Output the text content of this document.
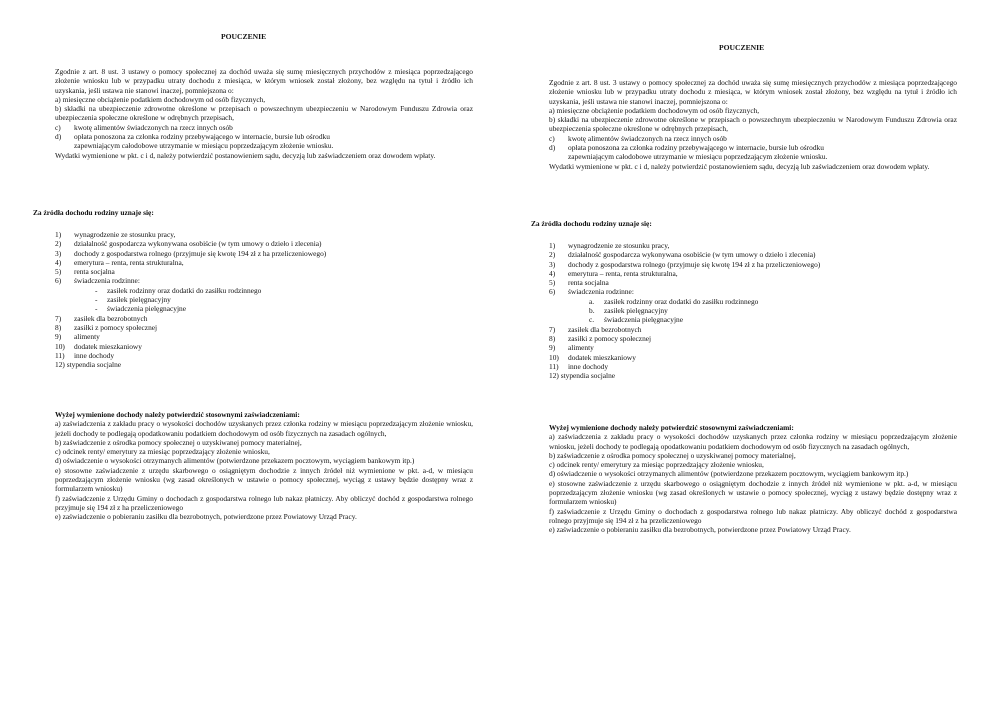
POUCZENIE

Zgodnie z art. 8 ust. 3 ustawy o pomocy społecznej za dochód uważa się sumę miesięcznych przychodów z miesiąca poprzedzającego złożenie wniosku lub w przypadku utraty dochodu z miesiąca, w którym wniosek został złożony, bez względu na tytuł i źródło ich uzyskania, jeśli ustawa nie stanowi inaczej, pomniejszona o:

a) miesięczne obciążenie podatkiem dochodowym od osób fizycznych,

b) składki na ubezpieczenie zdrowotne określone w przepisach o powszechnym ubezpieczeniu w Narodowym Funduszu Zdrowia oraz ubezpieczenia społeczne określone w odrębnych przepisach,

c) kwotę alimentów świadczonych na rzecz innych osób
d) opłata ponoszona za członka rodziny przebywającego w internacie, bursie lub ośrodku

zapewniającym całodobowe utrzymanie w miesiącu poprzedzającym złożenie wniosku.

Wydatki wymienione w pkt. c i d, należy potwierdzić postanowieniem sądu, decyzją lub zaświadczeniem oraz dowodem wpłaty.

Za źródła dochodu rodziny uznaje się:
1) wynagrodzenie ze stosunku pracy,
2) działalność gospodarcza wykonywana osobiście (w tym umowy o dzieło i zlecenia)
3) dochody z gospodarstwa rolnego (przyjmuje się kwotę 194 zł z ha przeliczeniowego)
4) emerytura – renta, renta strukturalna,
5) renta socjalna
6) świadczenia rodzinne:
- zasiłek rodzinny oraz dodatki do zasiłku rodzinnego
- zasiłek pielęgnacyjny
- świadczenia pielęgnacyjne
7) zasiłek dla bezrobotnych
8) zasiłki z pomocy społecznej
9) alimenty
10) dodatek mieszkaniowy
11) inne dochody
12) stypendia socjalne

Wyżej wymienione dochody należy potwierdzić stosownymi zaświadczeniami:

a) zaświadczenia z zakładu pracy o wysokości dochodów uzyskanych przez członka rodziny w miesiącu poprzedzającym złożenie wniosku, jeżeli dochody te podlegają opodatkowaniu podatkiem dochodowym od osób fizycznych na zasadach ogólnych,

b) zaświadczenie z ośrodka pomocy społecznej o uzyskiwanej pomocy materialnej,

c) odcinek renty/ emerytury za miesiąc poprzedzający złożenie wniosku,

d) oświadczenie o wysokości otrzymanych alimentów (potwierdzone przekazem pocztowym, wyciągiem bankowym itp.)

e) stosowne zaświadczenie z urzędu skarbowego o osiągniętym dochodzie z innych źródeł niż wymienione w pkt. a-d, w miesiącu poprzedzającym złożenie wniosku (wg zasad określonych w ustawie o pomocy społecznej, wyciąg z ustawy będzie dostępny wraz z formularzem wniosku)

f) zaświadczenie z Urzędu Gminy o dochodach z gospodarstwa rolnego lub nakaz płatniczy. Aby obliczyć dochód z gospodarstwa rolnego przyjmuje się 194 zł z ha przeliczeniowego

e) zaświadczenie o pobieraniu zasiłku dla bezrobotnych, potwierdzone przez Powiatowy Urząd Pracy.

POUCZENIE

Zgodnie z art. 8 ust. 3 ustawy o pomocy społecznej za dochód uważa się sumę miesięcznych przychodów z miesiąca poprzedzającego złożenie wniosku lub w przypadku utraty dochodu z miesiąca, w którym wniosek został złożony, bez względu na tytuł i źródło ich uzyskania, jeśli ustawa nie stanowi inaczej, pomniejszona o:

a) miesięczne obciążenie podatkiem dochodowym od osób fizycznych,

b) składki na ubezpieczenie zdrowotne określone w przepisach o powszechnym ubezpieczeniu w Narodowym Funduszu Zdrowia oraz ubezpieczenia społeczne określone w odrębnych przepisach,

c) kwotę alimentów świadczonych na rzecz innych osób
d) opłata ponoszona za członka rodziny przebywającego w internacie, bursie lub ośrodku

zapewniającym całodobowe utrzymanie w miesiącu poprzedzającym złożenie wniosku.

Wydatki wymienione w pkt. c i d, należy potwierdzić postanowieniem sądu, decyzją lub zaświadczeniem oraz dowodem wpłaty.

Za źródła dochodu rodziny uznaje się:
1) wynagrodzenie ze stosunku pracy,
2) działalność gospodarcza wykonywana osobiście (w tym umowy o dzieło i zlecenia)
3) dochody z gospodarstwa rolnego (przyjmuje się kwotę 194 zł z ha przeliczeniowego)
4) emerytura – renta, renta strukturalna,
5) renta socjalna
6) świadczenia rodzinne:
a. zasiłek rodzinny oraz dodatki do zasiłku rodzinnego
b. zasiłek pielęgnacyjny
c. świadczenia pielęgnacyjne
7) zasiłek dla bezrobotnych
8) zasiłki z pomocy społecznej
9) alimenty
10) dodatek mieszkaniowy
11) inne dochody
12) stypendia socjalne

Wyżej wymienione dochody należy potwierdzić stosownymi zaświadczeniami:

a) zaświadczenia z zakładu pracy o wysokości dochodów uzyskanych przez członka rodziny w miesiącu poprzedzającym złożenie wniosku, jeżeli dochody te podlegają opodatkowaniu podatkiem dochodowym od osób fizycznych na zasadach ogólnych,

b) zaświadczenie z ośrodka pomocy społecznej o uzyskiwanej pomocy materialnej,

c) odcinek renty/ emerytury za miesiąc poprzedzający złożenie wniosku,

d) oświadczenie o wysokości otrzymanych alimentów (potwierdzone przekazem pocztowym, wyciągiem bankowym itp.)

e) stosowne zaświadczenie z urzędu skarbowego o osiągniętym dochodzie z innych źródeł niż wymienione w pkt. a-d, w miesiącu poprzedzającym złożenie wniosku (wg zasad określonych w ustawie o pomocy społecznej, wyciąg z ustawy będzie dostępny wraz z formularzem wniosku)

f) zaświadczenie z Urzędu Gminy o dochodach z gospodarstwa rolnego lub nakaz płatniczy. Aby obliczyć dochód z gospodarstwa rolnego przyjmuje się 194 zł z ha przeliczeniowego

e) zaświadczenie o pobieraniu zasiłku dla bezrobotnych, potwierdzone przez Powiatowy Urząd Pracy.
